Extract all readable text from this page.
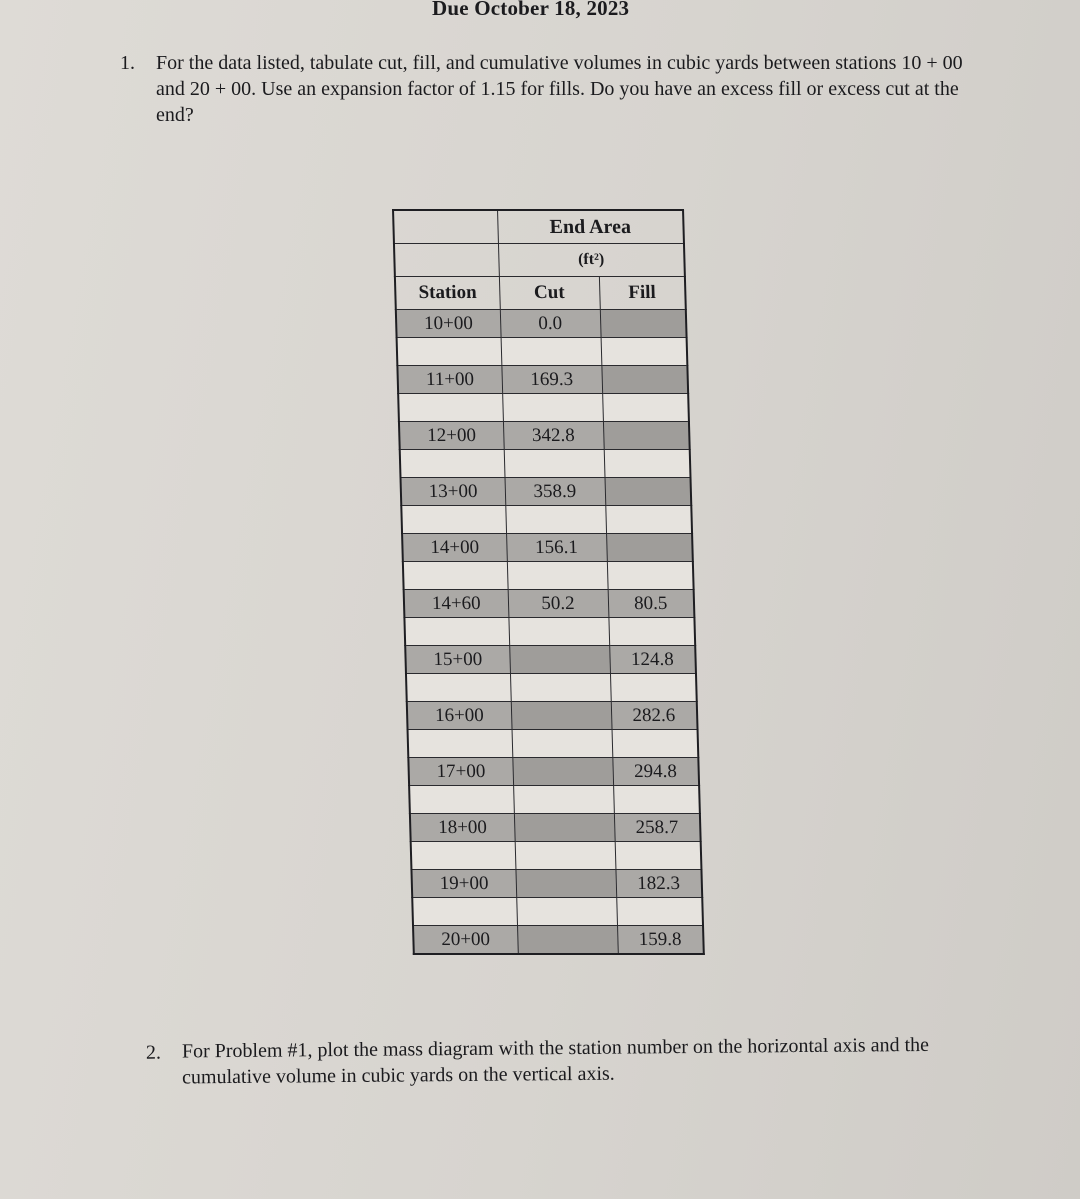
Due October 18, 2023
1. For the data listed, tabulate cut, fill, and cumulative volumes in cubic yards between stations 10 + 00 and 20 + 00. Use an expansion factor of 1.15 for fills. Do you have an excess fill or excess cut at the end?
	End Area	
	(ft²)	
Station	Cut	Fill
10+00	0.0	

11+00	169.3	

12+00	342.8	

13+00	358.9	

14+00	156.1	

14+60	50.2	80.5

15+00		124.8

16+00		282.6

17+00		294.8

18+00		258.7

19+00		182.3

20+00		159.8
2. For Problem #1, plot the mass diagram with the station number on the horizontal axis and the cumulative volume in cubic yards on the vertical axis.
